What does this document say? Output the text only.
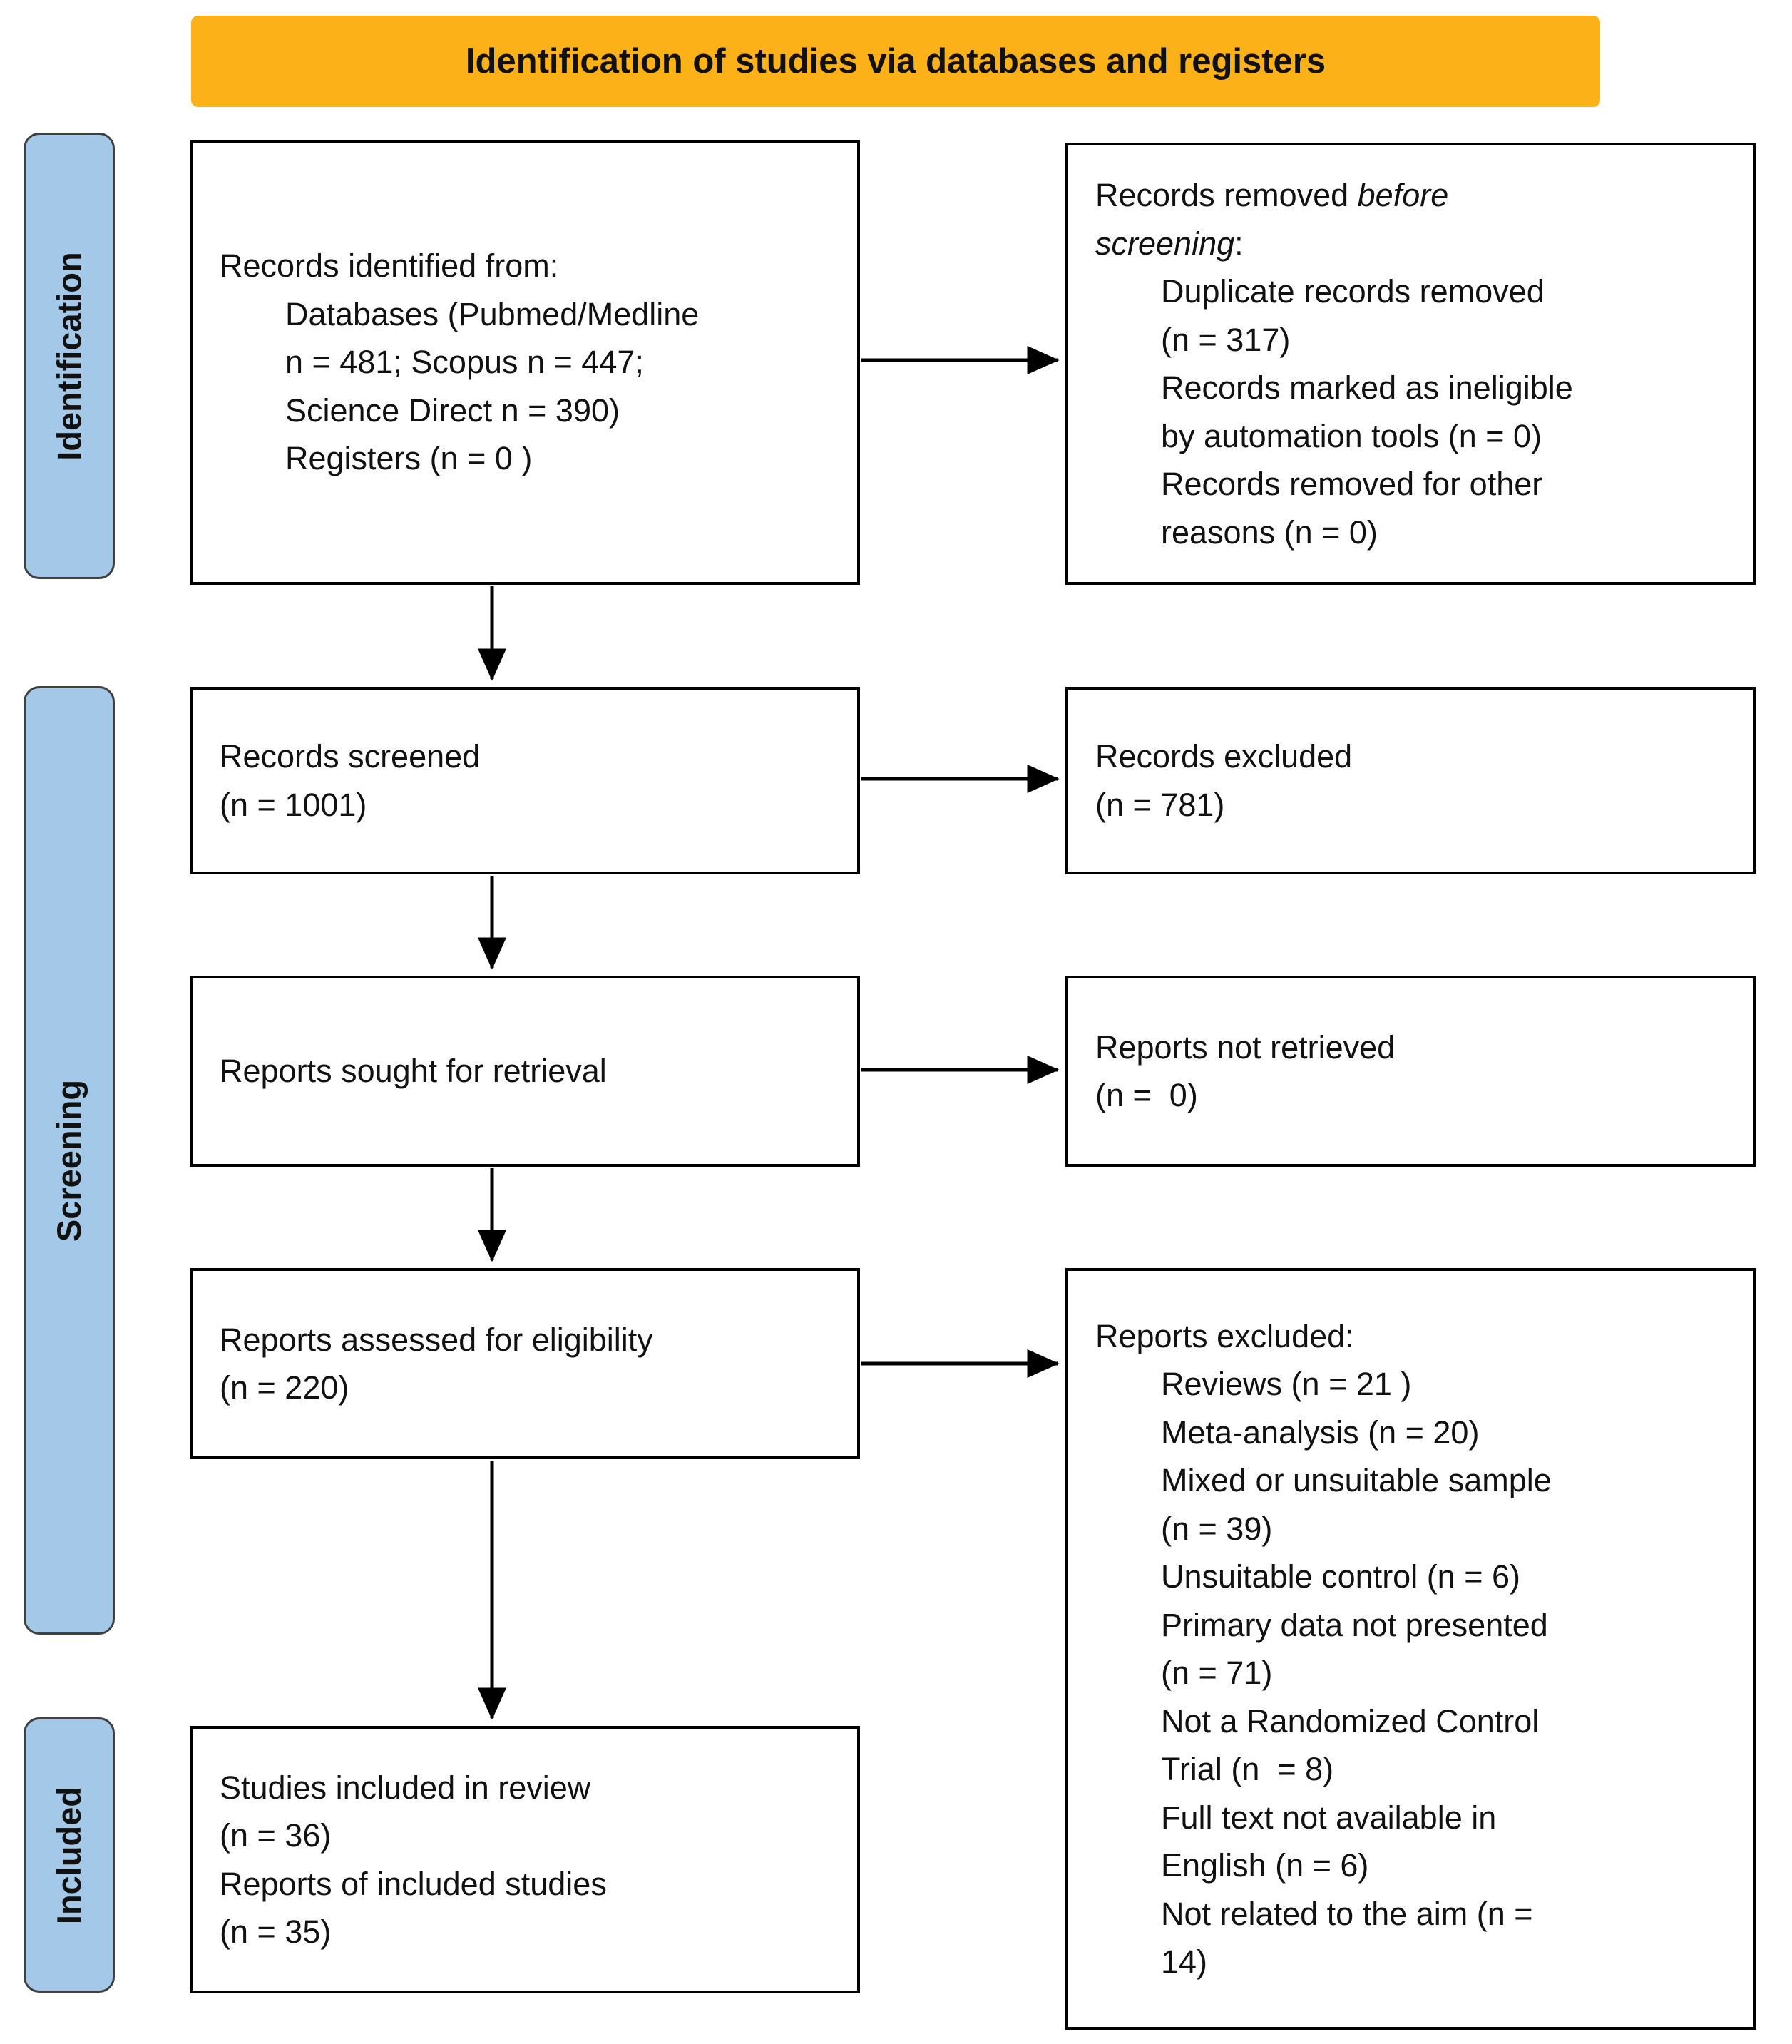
Identification of studies via databases and registers
Identification
Screening
Included
Records identified from:
Databases (Pubmed/Medline
n = 481; Scopus n = 447;
Science Direct n = 390)
Registers (n = 0 )
Records removed before
screening:
Duplicate records removed
(n = 317)
Records marked as ineligible
by automation tools (n = 0)
Records removed for other
reasons (n = 0)
Records screened
(n = 1001)
Records excluded
(n = 781)
Reports sought for retrieval
Reports not retrieved
(n =  0)
Reports assessed for eligibility
(n = 220)
Reports excluded:
Reviews (n = 21 )
Meta-analysis (n = 20)
Mixed or unsuitable sample
(n = 39)
Unsuitable control (n = 6)
Primary data not presented
(n = 71)
Not a Randomized Control
Trial (n  = 8)
Full text not available in
English (n = 6)
Not related to the aim (n =
14)
Studies included in review
(n = 36)
Reports of included studies
(n = 35)
